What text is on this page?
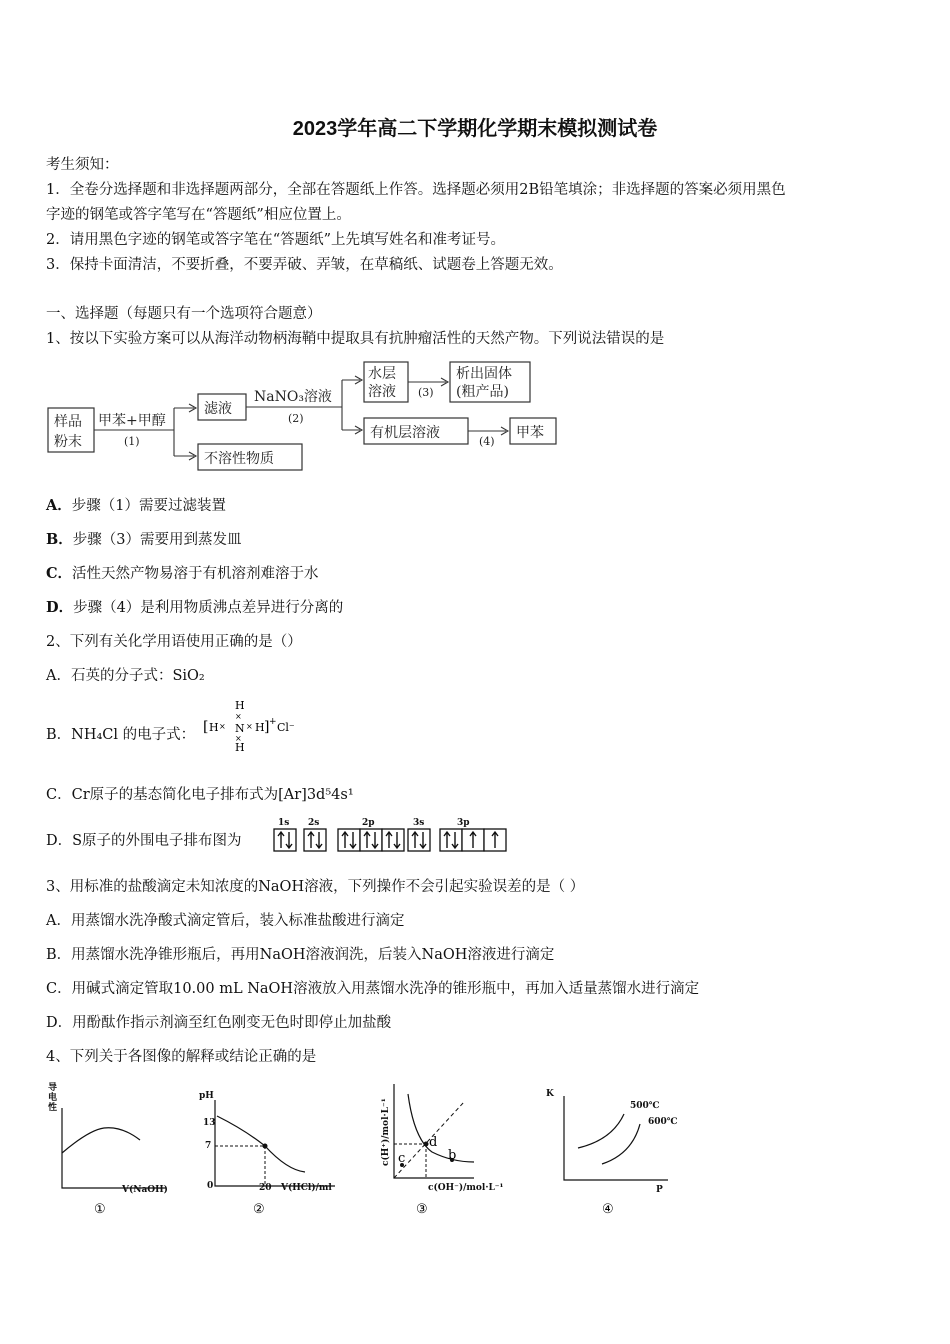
2023学年高二下学期化学期末模拟测试卷
考生须知：
1．全卷分选择题和非选择题两部分，全部在答题纸上作答。选择题必须用2B铅笔填涂；非选择题的答案必须用黑色
字迹的钢笔或答字笔写在“答题纸”相应位置上。
2．请用黑色字迹的钢笔或答字笔在“答题纸”上先填写姓名和准考证号。
3．保持卡面清洁，不要折叠，不要弄破、弄皱，在草稿纸、试题卷上答题无效。
一、选择题（每题只有一个选项符合题意）
1、按以下实验方案可以从海洋动物柄海鞘中提取具有抗肿瘤活性的天然产物。下列说法错误的是
样品
粉末
甲苯+甲醇
(1)
滤液
不溶性物质
NaNO₃溶液
(2)
水层
溶液 (3)
析出固体
(粗产品)
有机层溶液
(4)
甲苯
A．步骤（1）需要过滤装置
B．步骤（3）需要用到蒸发皿
C．活性天然产物易溶于有机溶剂难溶于水
D．步骤（4）是利用物质沸点差异进行分离的
2、下列有关化学用语使用正确的是（）
A．石英的分子式：SiO₂
B．NH₄Cl 的电子式： [ H ×
H
×
N
×
H
× H ] + Cl⁻
C．Cr原子的基态简化电子排布式为[Ar]3d⁵4s¹
D．S原子的外围电子排布图为
1s 2s	2p	3s	3p
3、用标准的盐酸滴定未知浓度的NaOH溶液，下列操作不会引起实验误差的是（ ）
A．用蒸馏水洗净酸式滴定管后，装入标准盐酸进行滴定
B．用蒸馏水洗净锥形瓶后，再用NaOH溶液润洗，后装入NaOH溶液进行滴定
C．用碱式滴定管取10.00 mL NaOH溶液放入用蒸馏水洗净的锥形瓶中，再加入适量蒸馏水进行滴定
D．用酚酞作指示剂滴至红色刚变无色时即停止加盐酸
4、下列关于各图像的解释或结论正确的是
导
电
性
V(NaOH)
①
pH
13
7
0	20 V(HCl)/ml
②
c(H⁺)/mol·L⁻¹ c
d
b
c(OH⁻)/mol·L⁻¹
③
K
500℃
600℃
P
④
